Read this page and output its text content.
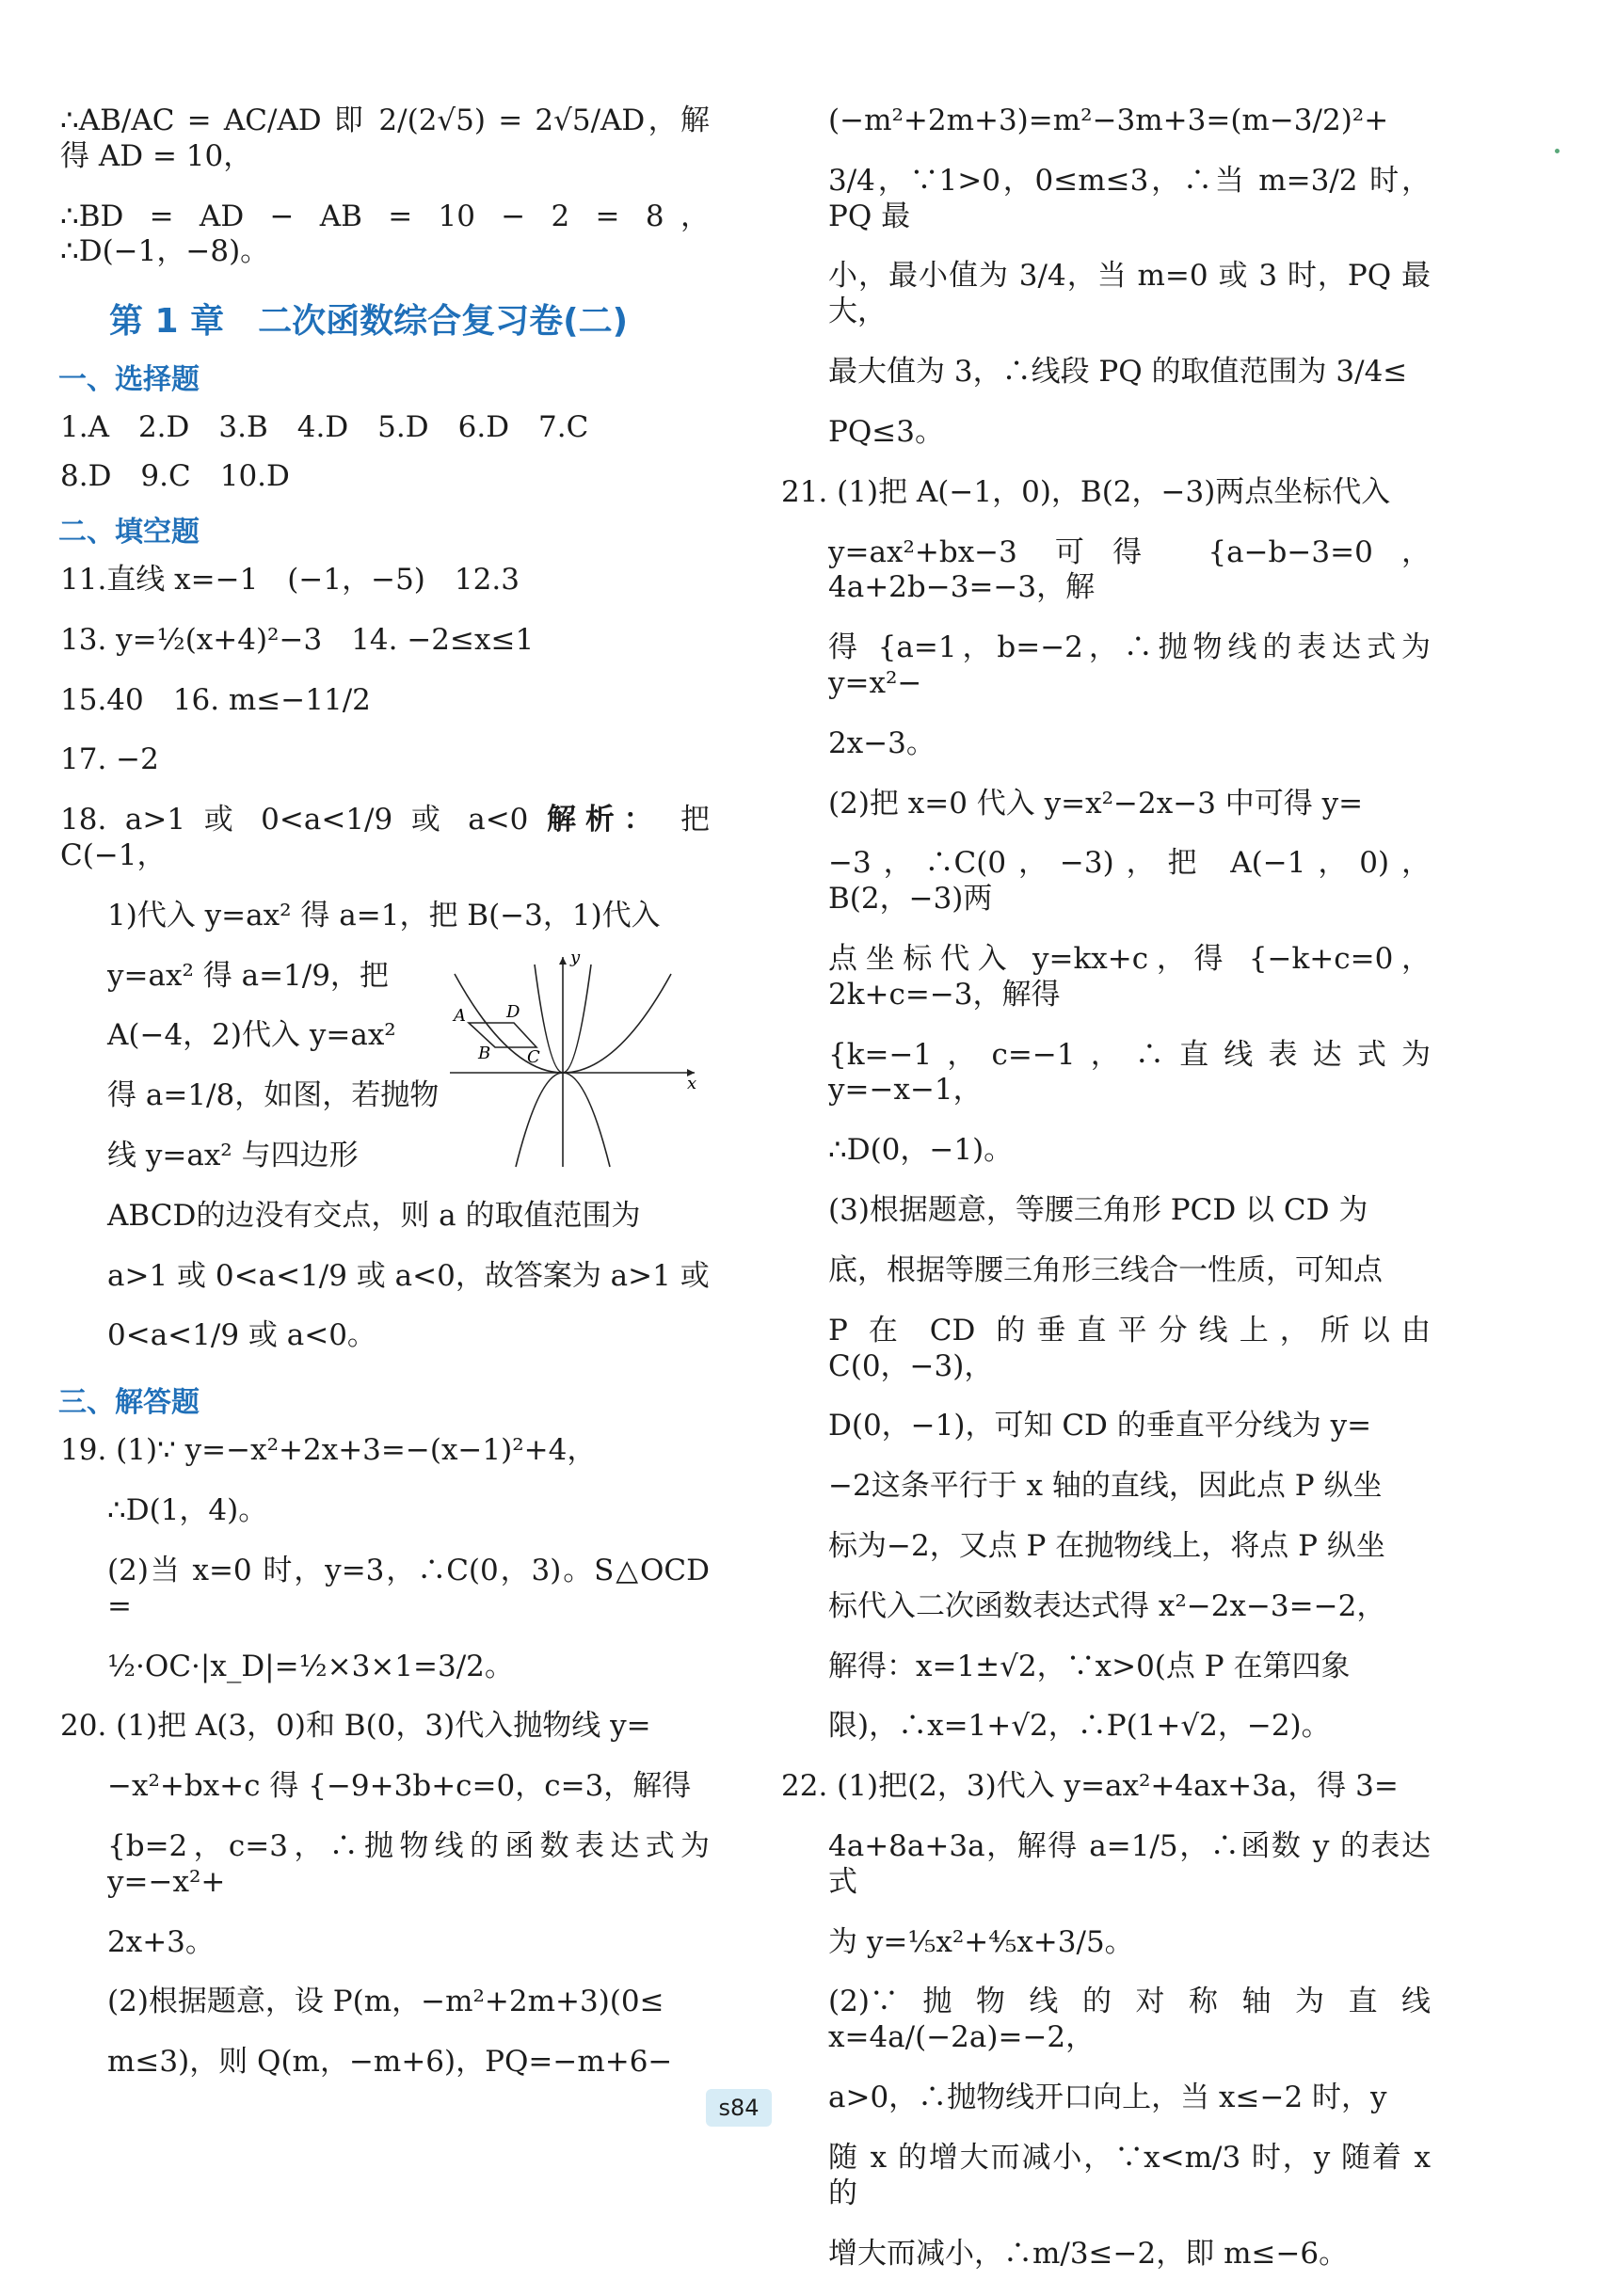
∴AB/AC = AC/AD 即 2/(2√5) = 2√5/AD，解得 AD = 10，
∴BD = AD − AB = 10 − 2 = 8，∴D(−1，−8)。
第 1 章　二次函数综合复习卷(二)
一、选择题
1.A　2.D　3.B　4.D　5.D　6.D　7.C
8.D　9.C　10.D
二、填空题
11.直线 x=−1　(−1，−5)　12.3
13. y=½(x+4)²−3　14. −2≤x≤1
15.40　16. m≤−11/2
17. −2
18. a>1 或 0<a<1/9 或 a<0 解析： 把 C(−1，
1)代入 y=ax² 得 a=1，把 B(−3，1)代入
y=ax² 得 a=1/9，把
A(−4，2)代入 y=ax²
得 a=1/8，如图，若抛物
线 y=ax² 与四边形
ABCD的边没有交点，则 a 的取值范围为
a>1 或 0<a<1/9 或 a<0，故答案为 a>1 或
0<a<1/9 或 a<0。
三、解答题
19. (1)∵ y=−x²+2x+3=−(x−1)²+4，
∴D(1，4)。
(2)当 x=0 时，y=3，∴C(0，3)。S△OCD =
½·OC·|x_D|=½×3×1=3/2。
20. (1)把 A(3，0)和 B(0，3)代入抛物线 y=
−x²+bx+c 得 {−9+3b+c=0，c=3，解得
{b=2，c=3，∴抛物线的函数表达式为 y=−x²+
2x+3。
(2)根据题意，设 P(m，−m²+2m+3)(0≤
m≤3)，则 Q(m，−m+6)，PQ=−m+6−
y
x
A D
B C
(−m²+2m+3)=m²−3m+3=(m−3/2)²+
3/4，∵1>0，0≤m≤3，∴当 m=3/2 时，PQ 最
小，最小值为 3/4，当 m=0 或 3 时，PQ 最大，
最大值为 3，∴线段 PQ 的取值范围为 3/4≤
PQ≤3。
21. (1)把 A(−1，0)，B(2，−3)两点坐标代入
y=ax²+bx−3 可得 {a−b−3=0，4a+2b−3=−3，解
得 {a=1，b=−2，∴抛物线的表达式为 y=x²−
2x−3。
(2)把 x=0 代入 y=x²−2x−3 中可得 y=
−3，∴C(0，−3)，把 A(−1，0)，B(2，−3)两
点坐标代入 y=kx+c，得 {−k+c=0，2k+c=−3，解得
{k=−1，c=−1，∴直线表达式为 y=−x−1，
∴D(0，−1)。
(3)根据题意，等腰三角形 PCD 以 CD 为
底，根据等腰三角形三线合一性质，可知点
P 在 CD 的垂直平分线上，所以由 C(0，−3)，
D(0，−1)，可知 CD 的垂直平分线为 y=
−2这条平行于 x 轴的直线，因此点 P 纵坐
标为−2，又点 P 在抛物线上，将点 P 纵坐
标代入二次函数表达式得 x²−2x−3=−2，
解得：x=1±√2，∵x>0(点 P 在第四象
限)，∴x=1+√2，∴P(1+√2，−2)。
22. (1)把(2，3)代入 y=ax²+4ax+3a，得 3=
4a+8a+3a，解得 a=1/5，∴函数 y 的表达式
为 y=⅕x²+⅘x+3/5。
(2)∵抛物线的对称轴为直线 x=4a/(−2a)=−2，
a>0，∴抛物线开口向上，当 x≤−2 时，y
随 x 的增大而减小，∵x<m/3 时，y 随着 x 的
增大而减小，∴m/3≤−2，即 m≤−6。
s84
